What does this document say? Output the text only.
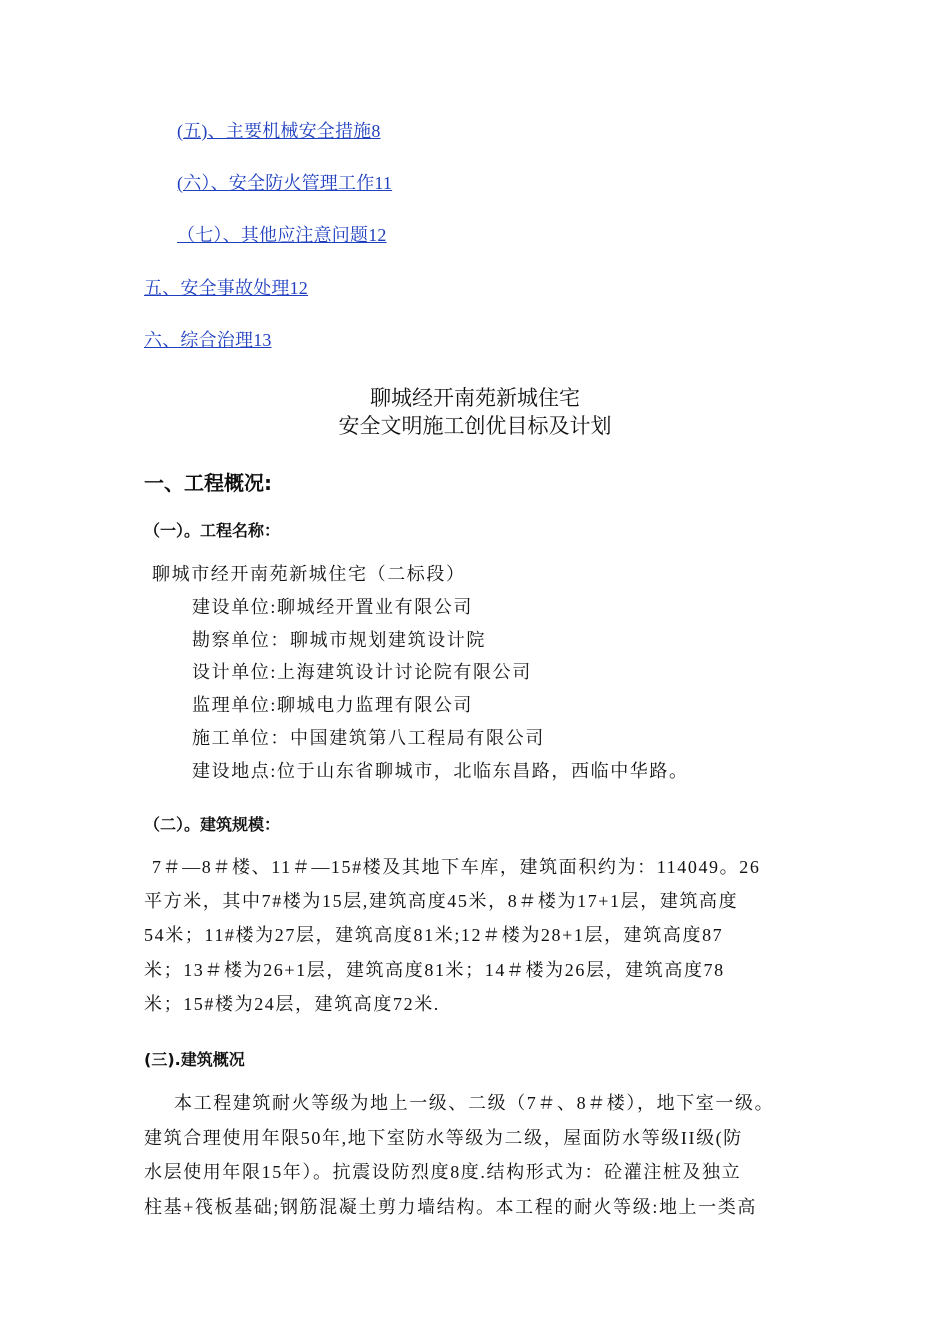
(五)、主要机械安全措施8
(六）、安全防火管理工作11
（七）、其他应注意问题12
五、安全事故处理12
六、综合治理13
聊城经开南苑新城住宅
安全文明施工创优目标及计划
一、工程概况:
（一）。工程名称：
聊城市经开南苑新城住宅（二标段）
建设单位:聊城经开置业有限公司
勘察单位：聊城市规划建筑设计院
设计单位:上海建筑设计讨论院有限公司
监理单位:聊城电力监理有限公司
施工单位：中国建筑第八工程局有限公司
建设地点:位于山东省聊城市，北临东昌路，西临中华路。
（二）。建筑规模：
7＃—8＃楼、11＃—15#楼及其地下车库，建筑面积约为：114049。26
平方米，其中7#楼为15层,建筑高度45米，8＃楼为17+1层，建筑高度
54米；11#楼为27层，建筑高度81米;12＃楼为28+1层，建筑高度87
米；13＃楼为26+1层，建筑高度81米；14＃楼为26层，建筑高度78
米；15#楼为24层，建筑高度72米.
(三).建筑概况
本工程建筑耐火等级为地上一级、二级（7＃、8＃楼），地下室一级。
建筑合理使用年限50年,地下室防水等级为二级，屋面防水等级II级(防
水层使用年限15年）。抗震设防烈度8度.结构形式为：砼灌注桩及独立
柱基+筏板基础;钢筋混凝土剪力墙结构。本工程的耐火等级:地上一类高
